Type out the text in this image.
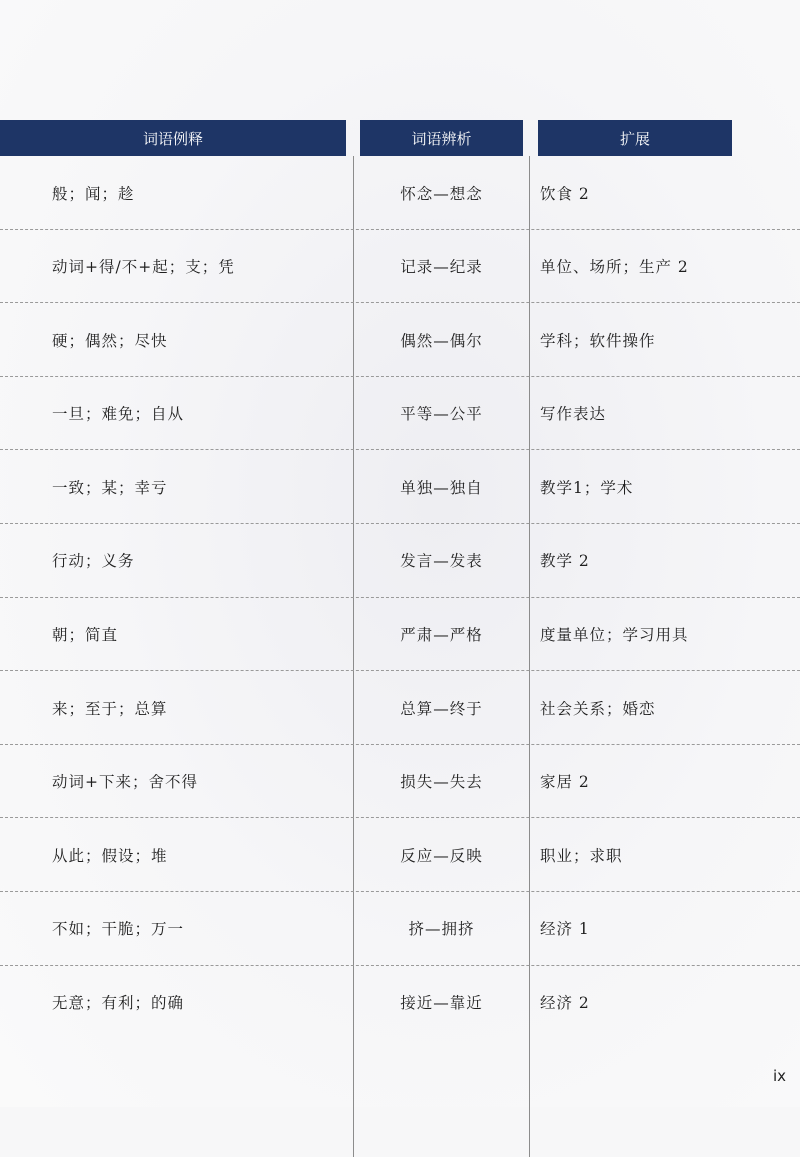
词语例释	词语辨析	扩展
般；闻；趁	怀念—想念	饮食 2
动词+得/不+起；支；凭	记录—纪录	单位、场所；生产 2
硬；偶然；尽快	偶然—偶尔	学科；软件操作
一旦；难免；自从	平等—公平	写作表达
一致；某；幸亏	单独—独自	教学1；学术
行动；义务	发言—发表	教学 2
朝；简直	严肃—严格	度量单位；学习用具
来；至于；总算	总算—终于	社会关系；婚恋
动词+下来；舍不得	损失—失去	家居 2
从此；假设；堆	反应—反映	职业；求职
不如；干脆；万一	挤—拥挤	经济 1
无意；有利；的确	接近—靠近	经济 2
ix
